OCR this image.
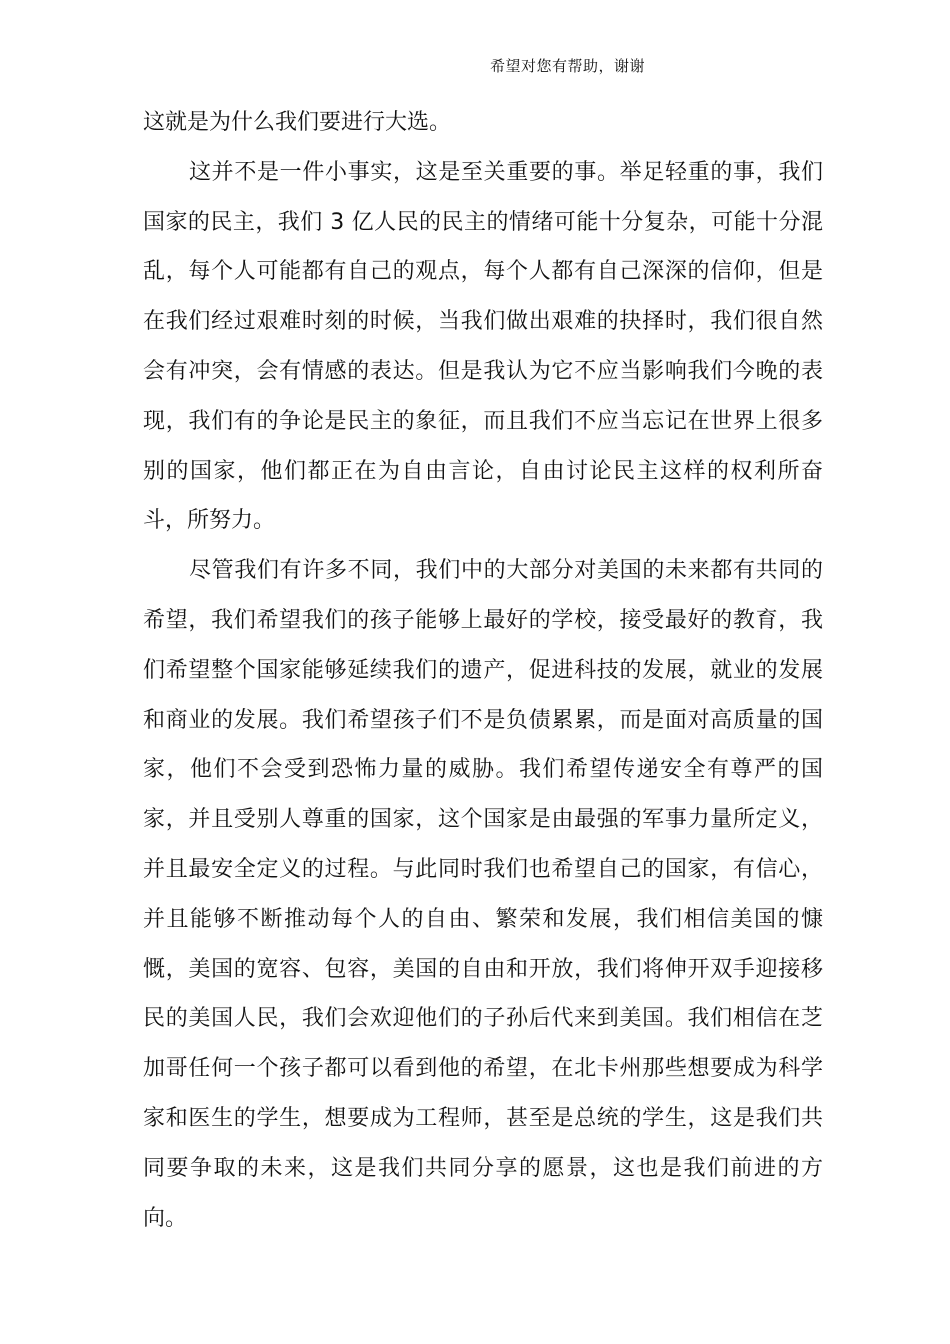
希望对您有帮助，谢谢

这就是为什么我们要进行大选。

这并不是一件小事实，这是至关重要的事。举足轻重的事，我们国家的民主，我们 3 亿人民的民主的情绪可能十分复杂，可能十分混乱，每个人可能都有自己的观点，每个人都有自己深深的信仰，但是在我们经过艰难时刻的时候，当我们做出艰难的抉择时，我们很自然会有冲突，会有情感的表达。但是我认为它不应当影响我们今晚的表现，我们有的争论是民主的象征，而且我们不应当忘记在世界上很多别的国家，他们都正在为自由言论，自由讨论民主这样的权利所奋斗，所努力。

尽管我们有许多不同，我们中的大部分对美国的未来都有共同的希望，我们希望我们的孩子能够上最好的学校，接受最好的教育，我们希望整个国家能够延续我们的遗产，促进科技的发展，就业的发展和商业的发展。我们希望孩子们不是负债累累，而是面对高质量的国家，他们不会受到恐怖力量的威胁。我们希望传递安全有尊严的国家，并且受别人尊重的国家，这个国家是由最强的军事力量所定义，并且最安全定义的过程。与此同时我们也希望自己的国家，有信心，并且能够不断推动每个人的自由、繁荣和发展，我们相信美国的慷慨，美国的宽容、包容，美国的自由和开放，我们将伸开双手迎接移民的美国人民，我们会欢迎他们的子孙后代来到美国。我们相信在芝加哥任何一个孩子都可以看到他的希望，在北卡州那些想要成为科学家和医生的学生，想要成为工程师，甚至是总统的学生，这是我们共同要争取的未来，这是我们共同分享的愿景，这也是我们前进的方向。
